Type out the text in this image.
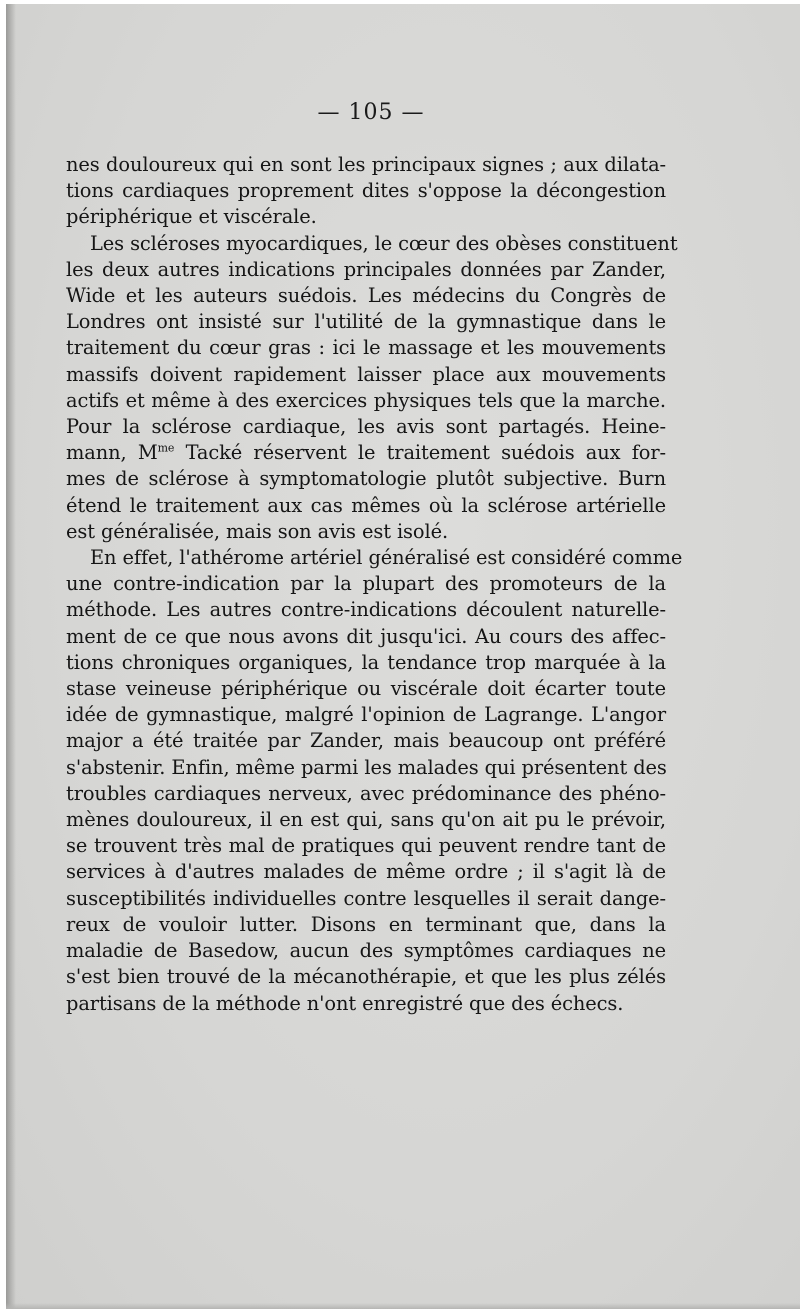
— 105 —

nes douloureux qui en sont les principaux signes ; aux dilata-
tions cardiaques proprement dites s'oppose la décongestion
périphérique et viscérale.

Les scléroses myocardiques, le cœur des obèses constituent
les deux autres indications principales données par Zander,
Wide et les auteurs suédois. Les médecins du Congrès de
Londres ont insisté sur l'utilité de la gymnastique dans le
traitement du cœur gras : ici le massage et les mouvements
massifs doivent rapidement laisser place aux mouvements
actifs et même à des exercices physiques tels que la marche.
Pour la sclérose cardiaque, les avis sont partagés. Heine-
mann, $M^{me}$ Tacké réservent le traitement suédois aux for-
mes de sclérose à symptomatologie plutôt subjective. Burn
étend le traitement aux cas mêmes où la sclérose artérielle
est généralisée, mais son avis est isolé.

En effet, l'athérome artériel généralisé est considéré comme
une contre-indication par la plupart des promoteurs de la
méthode. Les autres contre-indications découlent naturelle-
ment de ce que nous avons dit jusqu'ici. Au cours des affec-
tions chroniques organiques, la tendance trop marquée à la
stase veineuse périphérique ou viscérale doit écarter toute
idée de gymnastique, malgré l'opinion de Lagrange. L'angor
major a été traitée par Zander, mais beaucoup ont préféré
s'abstenir. Enfin, même parmi les malades qui présentent des
troubles cardiaques nerveux, avec prédominance des phéno-
mènes douloureux, il en est qui, sans qu'on ait pu le prévoir,
se trouvent très mal de pratiques qui peuvent rendre tant de
services à d'autres malades de même ordre ; il s'agit là de
susceptibilités individuelles contre lesquelles il serait dange-
reux de vouloir lutter. Disons en terminant que, dans la
maladie de Basedow, aucun des symptômes cardiaques ne
s'est bien trouvé de la mécanothérapie, et que les plus zélés
partisans de la méthode n'ont enregistré que des échecs.
